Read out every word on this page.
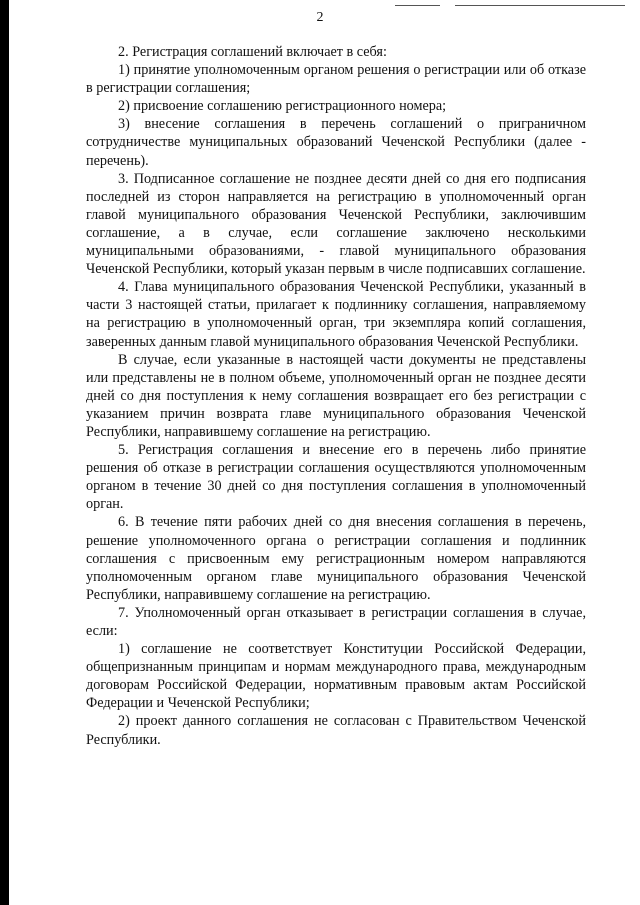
2

2. Регистрация соглашений включает в себя:

1) принятие уполномоченным органом решения о регистрации или об отказе в регистрации соглашения;

2) присвоение соглашению регистрационного номера;

3) внесение соглашения в перечень соглашений о приграничном сотрудничестве муниципальных образований Чеченской Республики (далее - перечень).

3. Подписанное соглашение не позднее десяти дней со дня его подписания последней из сторон направляется на регистрацию в уполномоченный орган главой муниципального образования Чеченской Республики, заключившим соглашение, а в случае, если соглашение заключено несколькими муниципальными образованиями, - главой муниципального образования Чеченской Республики, который указан первым в числе подписавших соглашение.

4. Глава муниципального образования Чеченской Республики, указанный в части 3 настоящей статьи, прилагает к подлиннику соглашения, направляемому на регистрацию в уполномоченный орган, три экземпляра копий соглашения, заверенных данным главой муниципального образования Чеченской Республики.

В случае, если указанные в настоящей части документы не представлены или представлены не в полном объеме, уполномоченный орган не позднее десяти дней со дня поступления к нему соглашения возвращает его без регистрации с указанием причин возврата главе муниципального образования Чеченской Республики, направившему соглашение на регистрацию.

5. Регистрация соглашения и внесение его в перечень либо принятие решения об отказе в регистрации соглашения осуществляются уполномоченным органом в течение 30 дней со дня поступления соглашения в уполномоченный орган.

6. В течение пяти рабочих дней со дня внесения соглашения в перечень, решение уполномоченного органа о регистрации соглашения и подлинник соглашения с присвоенным ему регистрационным номером направляются уполномоченным органом главе муниципального образования Чеченской Республики, направившему соглашение на регистрацию.

7. Уполномоченный орган отказывает в регистрации соглашения в случае, если:

1) соглашение не соответствует Конституции Российской Федерации, общепризнанным принципам и нормам международного права, международным договорам Российской Федерации, нормативным правовым актам Российской Федерации и Чеченской Республики;

2) проект данного соглашения не согласован с Правительством Чеченской Республики.
